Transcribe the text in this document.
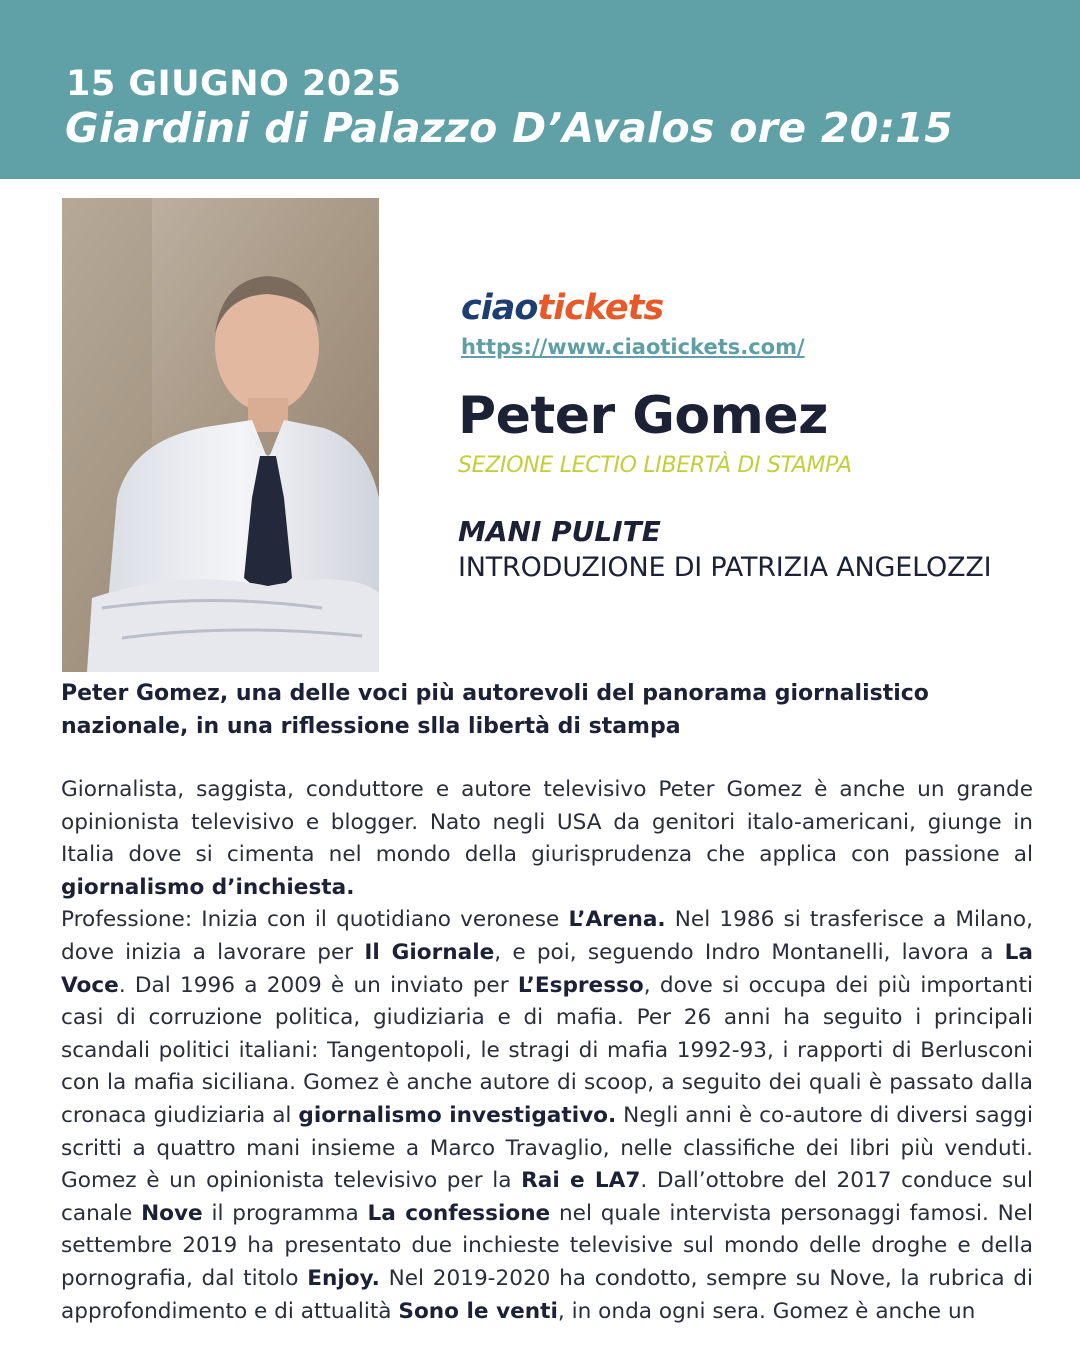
15 GIUGNO 2025
Giardini di Palazzo D’Avalos ore 20:15
ciaotickets
https://www.ciaotickets.com/
Peter Gomez
SEZIONE LECTIO LIBERTÀ DI STAMPA
MANI PULITE
INTRODUZIONE DI PATRIZIA ANGELOZZI
Peter Gomez, una delle voci più autorevoli del panorama giornalistico nazionale, in una riflessione slla libertà di stampa

Giornalista, saggista, conduttore e autore televisivo Peter Gomez è anche un grande opinionista televisivo e blogger. Nato negli USA da genitori italo-americani, giunge in Italia dove si cimenta nel mondo della giurisprudenza che applica con passione al giornalismo d’inchiesta.

Professione: Inizia con il quotidiano veronese L’Arena. Nel 1986 si trasferisce a Milano, dove inizia a lavorare per Il Giornale, e poi, seguendo Indro Montanelli, lavora a La Voce. Dal 1996 a 2009 è un inviato per L’Espresso, dove si occupa dei più importanti casi di corruzione politica, giudiziaria e di mafia. Per 26 anni ha seguito i principali scandali politici italiani: Tangentopoli, le stragi di mafia 1992-93, i rapporti di Berlusconi con la mafia siciliana. Gomez è anche autore di scoop, a seguito dei quali è passato dalla cronaca giudiziaria al giornalismo investigativo. Negli anni è co-autore di diversi saggi scritti a quattro mani insieme a Marco Travaglio, nelle classifiche dei libri più venduti. Gomez è un opinionista televisivo per la Rai e LA7. Dall’ottobre del 2017 conduce sul canale Nove il programma La confessione nel quale intervista personaggi famosi. Nel settembre 2019 ha presentato due inchieste televisive sul mondo delle droghe e della pornografia, dal titolo Enjoy. Nel 2019-2020 ha condotto, sempre su Nove, la rubrica di approfondimento e di attualità Sono le venti, in onda ogni sera. Gomez è anche un
